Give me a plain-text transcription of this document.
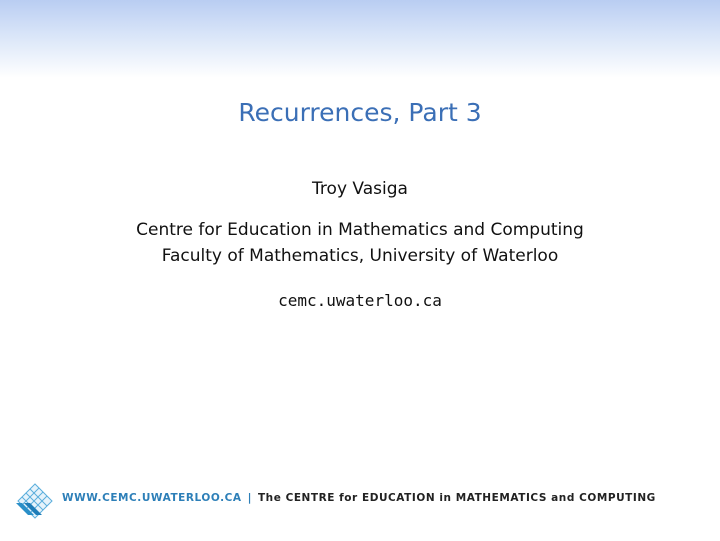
Recurrences, Part 3
Troy Vasiga
Centre for Education in Mathematics and Computing
Faculty of Mathematics, University of Waterloo
cemc.uwaterloo.ca
WWW.CEMC.UWATERLOO.CA | The CENTRE for EDUCATION in MATHEMATICS and COMPUTING
